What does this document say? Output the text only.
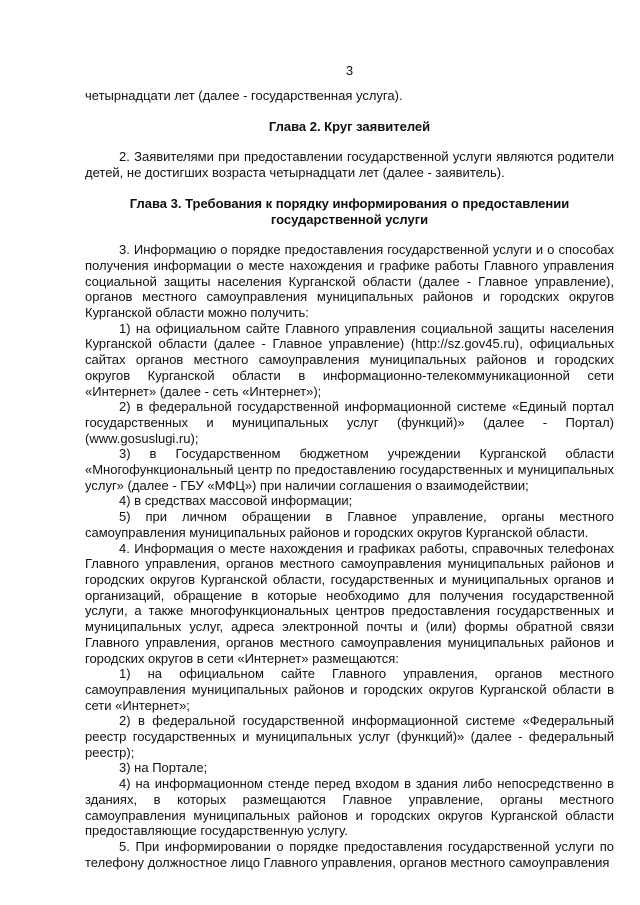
3

четырнадцати лет (далее - государственная услуга).

Глава 2. Круг заявителей

2. Заявителями при предоставлении государственной услуги являются родители детей, не достигших возраста четырнадцати лет (далее - заявитель).

Глава 3. Требования к порядку информирования о предоставлении
государственной услуги

3. Информацию о порядке предоставления государственной услуги и о способах получения информации о месте нахождения и графике работы Главного управления социальной защиты населения Курганской области (далее - Главное управление), органов местного самоуправления муниципальных районов и городских округов Курганской области можно получить:

1) на официальном сайте Главного управления социальной защиты населения Курганской области (далее - Главное управление) (http://sz.gov45.ru), официальных сайтах органов местного самоуправления муниципальных районов и городских округов Курганской области в информационно-телекоммуникационной сети «Интернет» (далее - сеть «Интернет»);

2) в федеральной государственной информационной системе «Единый портал государственных и муниципальных услуг (функций)» (далее - Портал) (www.gosuslugi.ru);

3) в Государственном бюджетном учреждении Курганской области «Многофункциональный центр по предоставлению государственных и муниципальных услуг» (далее - ГБУ «МФЦ») при наличии соглашения о взаимодействии;

4) в средствах массовой информации;

5) при личном обращении в Главное управление, органы местного самоуправления муниципальных районов и городских округов Курганской области.

4. Информация о месте нахождения и графиках работы, справочных телефонах Главного управления, органов местного самоуправления муниципальных районов и городских округов Курганской области, государственных и муниципальных органов и организаций, обращение в которые необходимо для получения государственной услуги, а также многофункциональных центров предоставления государственных и муниципальных услуг, адреса электронной почты и (или) формы обратной связи Главного управления, органов местного самоуправления муниципальных районов и городских округов в сети «Интернет» размещаются:

1) на официальном сайте Главного управления, органов местного самоуправления муниципальных районов и городских округов Курганской области в сети «Интернет»;

2) в федеральной государственной информационной системе «Федеральный реестр государственных и муниципальных услуг (функций)» (далее - федеральный реестр);

3) на Портале;

4) на информационном стенде перед входом в здания либо непосредственно в зданиях, в которых размещаются Главное управление, органы местного самоуправления муниципальных районов и городских округов Курганской области предоставляющие государственную услугу.

5. При информировании о порядке предоставления государственной услуги по телефону должностное лицо Главного управления, органов местного самоуправления
